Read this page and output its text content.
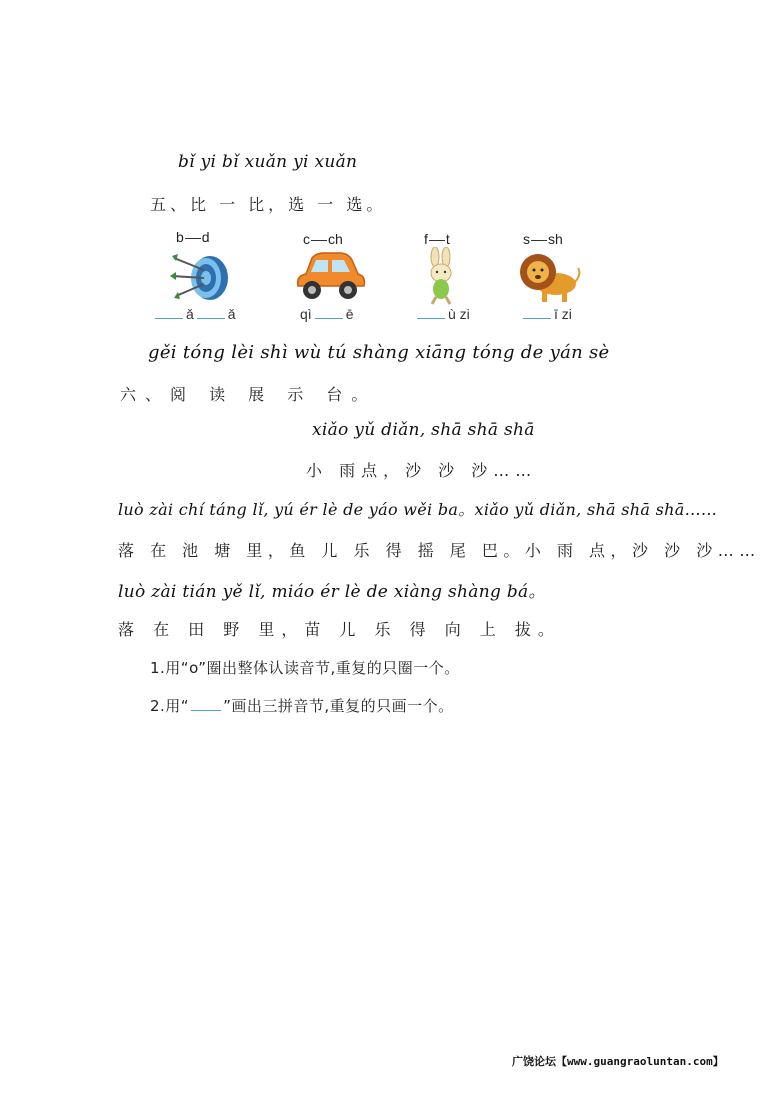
bǐ yi bǐ xuǎn yi xuǎn
五、比 一 比，选 一 选。
b d
ǎ ǎ
c ch
qì ē
f t
ù zi
s sh
ī zi
gěi tóng lèi shì wù tú shàng xiāng tóng de yán sè
六、阅 读 展 示 台。
xiǎo yǔ diǎn, shā shā shā
小 雨点，沙 沙 沙……
luò zài chí táng lǐ, yú ér lè de yáo wěi ba。xiǎo yǔ diǎn, shā shā shā……
落 在 池 塘 里，鱼 儿 乐 得 摇 尾 巴。小 雨 点，沙 沙 沙……
luò zài tián yě lǐ, miáo ér lè de xiàng shàng bá。
落 在 田 野 里，苗 儿 乐 得 向 上 拔。
1.用“o”圈出整体认读音节,重复的只圈一个。
2.用“ ”画出三拼音节,重复的只画一个。
广饶论坛【www.guangraoluntan.com】
